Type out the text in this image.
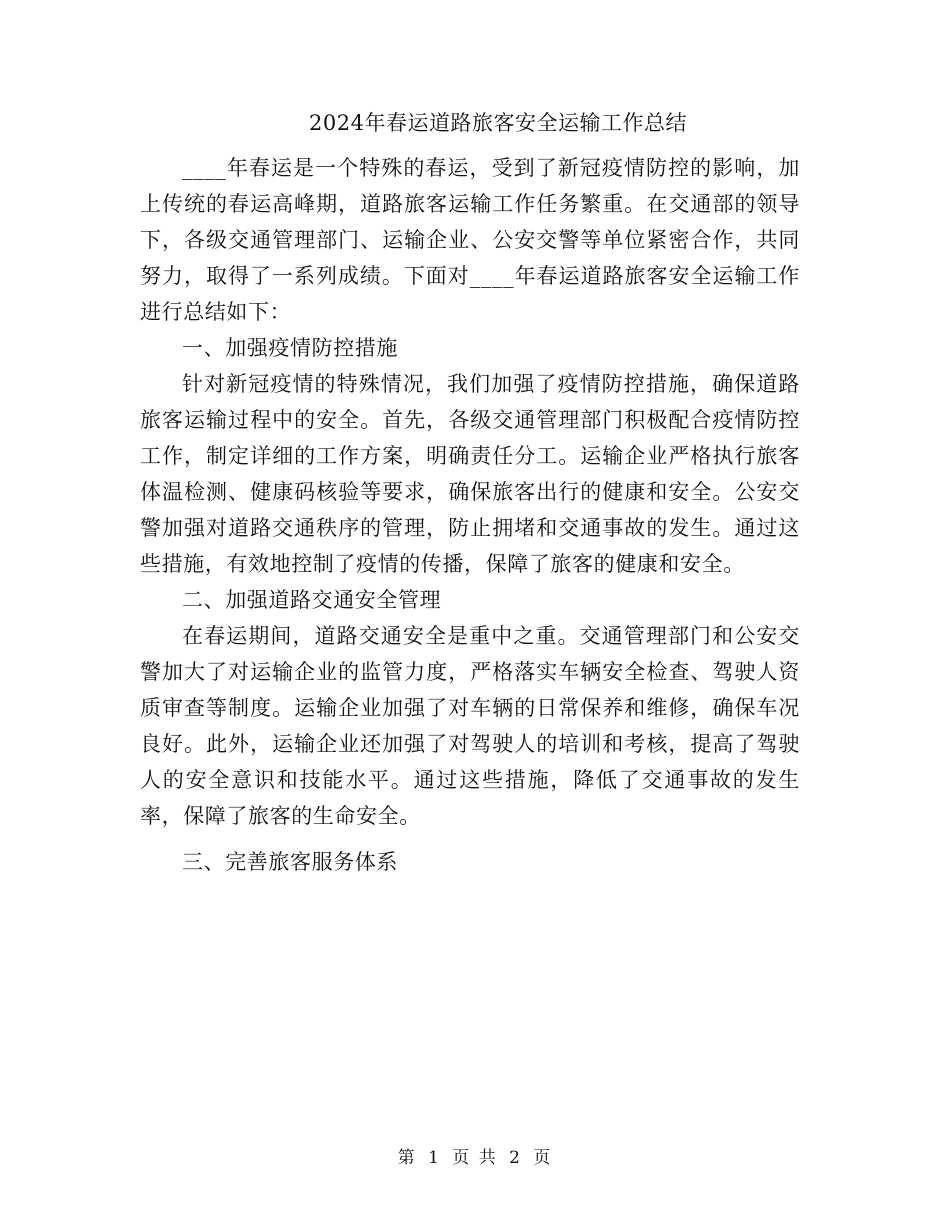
2024年春运道路旅客安全运输工作总结

____年春运是一个特殊的春运，受到了新冠疫情防控的影响，加上传统的春运高峰期，道路旅客运输工作任务繁重。在交通部的领导下，各级交通管理部门、运输企业、公安交警等单位紧密合作，共同努力，取得了一系列成绩。下面对____年春运道路旅客安全运输工作进行总结如下：

一、加强疫情防控措施

针对新冠疫情的特殊情况，我们加强了疫情防控措施，确保道路旅客运输过程中的安全。首先，各级交通管理部门积极配合疫情防控工作，制定详细的工作方案，明确责任分工。运输企业严格执行旅客体温检测、健康码核验等要求，确保旅客出行的健康和安全。公安交警加强对道路交通秩序的管理，防止拥堵和交通事故的发生。通过这些措施，有效地控制了疫情的传播，保障了旅客的健康和安全。

二、加强道路交通安全管理

在春运期间，道路交通安全是重中之重。交通管理部门和公安交警加大了对运输企业的监管力度，严格落实车辆安全检查、驾驶人资质审查等制度。运输企业加强了对车辆的日常保养和维修，确保车况良好。此外，运输企业还加强了对驾驶人的培训和考核，提高了驾驶人的安全意识和技能水平。通过这些措施，降低了交通事故的发生率，保障了旅客的生命安全。

三、完善旅客服务体系

第 1 页 共 2 页
